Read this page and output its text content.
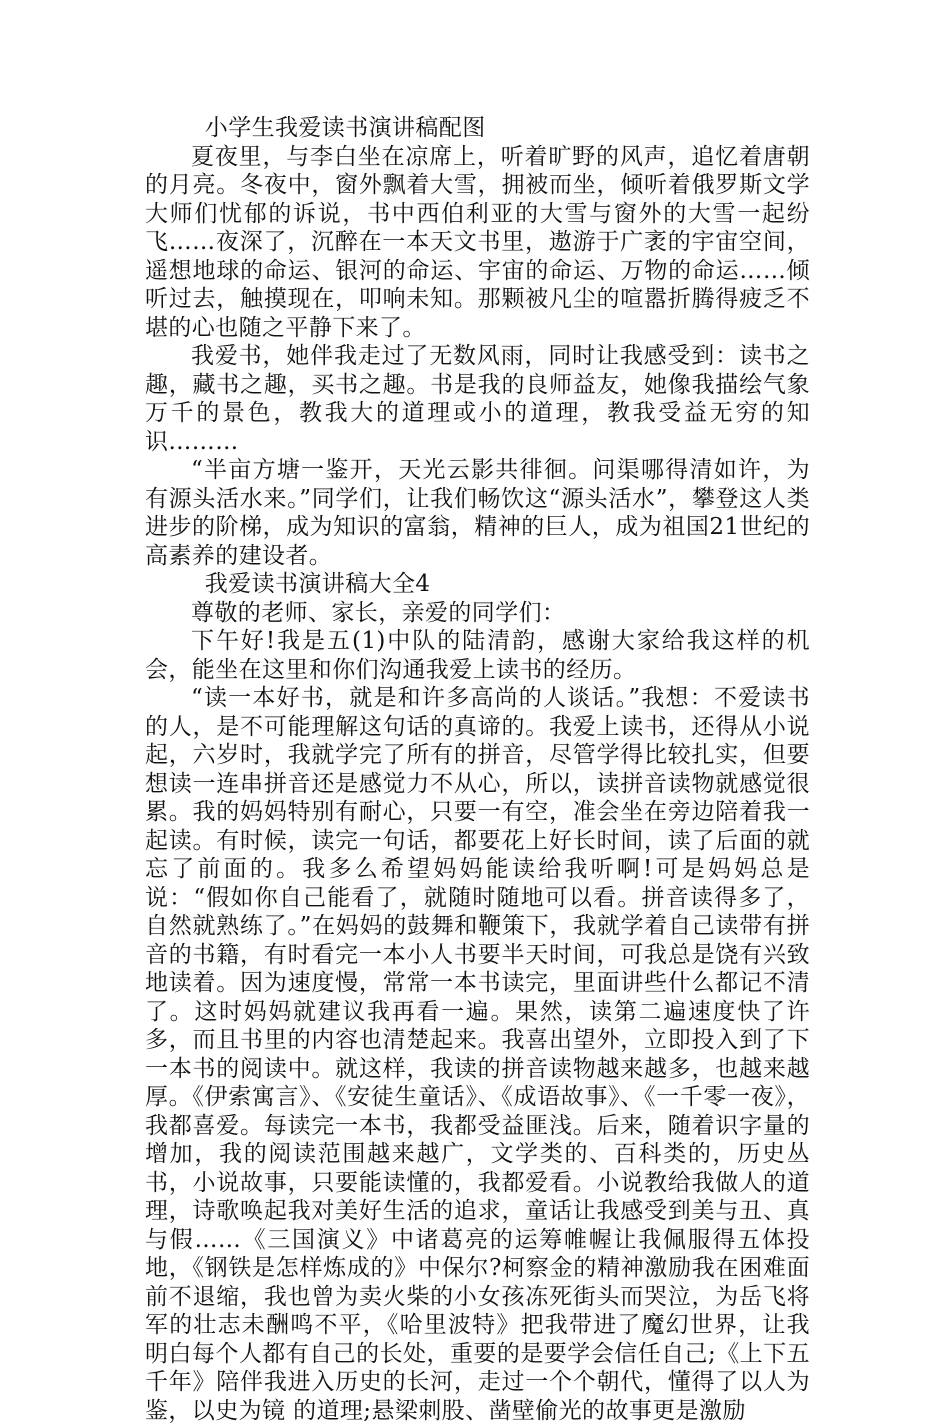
小学生我爱读书演讲稿配图

夏夜里，与李白坐在凉席上，听着旷野的风声，追忆着唐朝的月亮。冬夜中，窗外飘着大雪，拥被而坐，倾听着俄罗斯文学大师们忧郁的诉说，书中西伯利亚的大雪与窗外的大雪一起纷飞……夜深了，沉醉在一本天文书里，遨游于广袤的宇宙空间，遥想地球的命运、银河的命运、宇宙的命运、万物的命运……倾听过去，触摸现在，叩响未知。那颗被凡尘的喧嚣折腾得疲乏不堪的心也随之平静下来了。

我爱书，她伴我走过了无数风雨，同时让我感受到：读书之趣，藏书之趣，买书之趣。书是我的良师益友，她像我描绘气象万千的景色，教我大的道理或小的道理，教我受益无穷的知识………

“半亩方塘一鉴开，天光云影共徘徊。问渠哪得清如许，为有源头活水来。”同学们，让我们畅饮这“源头活水”，攀登这人类进步的阶梯，成为知识的富翁，精神的巨人，成为祖国21世纪的高素养的建设者。

我爱读书演讲稿大全4

尊敬的老师、家长，亲爱的同学们：

下午好!我是五(1)中队的陆清韵，感谢大家给我这样的机会，能坐在这里和你们沟通我爱上读书的经历。

“读一本好书，就是和许多高尚的人谈话。”我想：不爱读书的人，是不可能理解这句话的真谛的。我爱上读书，还得从小说起，六岁时，我就学完了所有的拼音，尽管学得比较扎实，但要想读一连串拼音还是感觉力不从心，所以，读拼音读物就感觉很累。我的妈妈特别有耐心，只要一有空，准会坐在旁边陪着我一起读。有时候，读完一句话，都要花上好长时间，读了后面的就忘了前面的。我多么希望妈妈能读给我听啊!可是妈妈总是说：“假如你自己能看了，就随时随地可以看。拼音读得多了，自然就熟练了。”在妈妈的鼓舞和鞭策下，我就学着自己读带有拼音的书籍，有时看完一本小人书要半天时间，可我总是饶有兴致地读着。因为速度慢，常常一本书读完，里面讲些什么都记不清了。这时妈妈就建议我再看一遍。果然，读第二遍速度快了许多，而且书里的内容也清楚起来。我喜出望外，立即投入到了下一本书的阅读中。就这样，我读的拼音读物越来越多，也越来越厚。《伊索寓言》、《安徒生童话》、《成语故事》、《一千零一夜》，我都喜爱。每读完一本书，我都受益匪浅。后来，随着识字量的增加，我的阅读范围越来越广，文学类的、百科类的，历史丛书，小说故事，只要能读懂的，我都爱看。小说教给我做人的道理，诗歌唤起我对美好生活的追求，童话让我感受到美与丑、真与假……《三国演义》中诸葛亮的运筹帷幄让我佩服得五体投地，《钢铁是怎样炼成的》中保尔?柯察金的精神激励我在困难面前不退缩，我也曾为卖火柴的小女孩冻死街头而哭泣，为岳飞将军的壮志未酬鸣不平，《哈里波特》把我带进了魔幻世界，让我明白每个人都有自己的长处，重要的是要学会信任自己;《上下五千年》陪伴我进入历史的长河，走过一个个朝代，懂得了以人为鉴，以史为镜 的道理;悬梁刺股、凿壁偷光的故事更是激励
